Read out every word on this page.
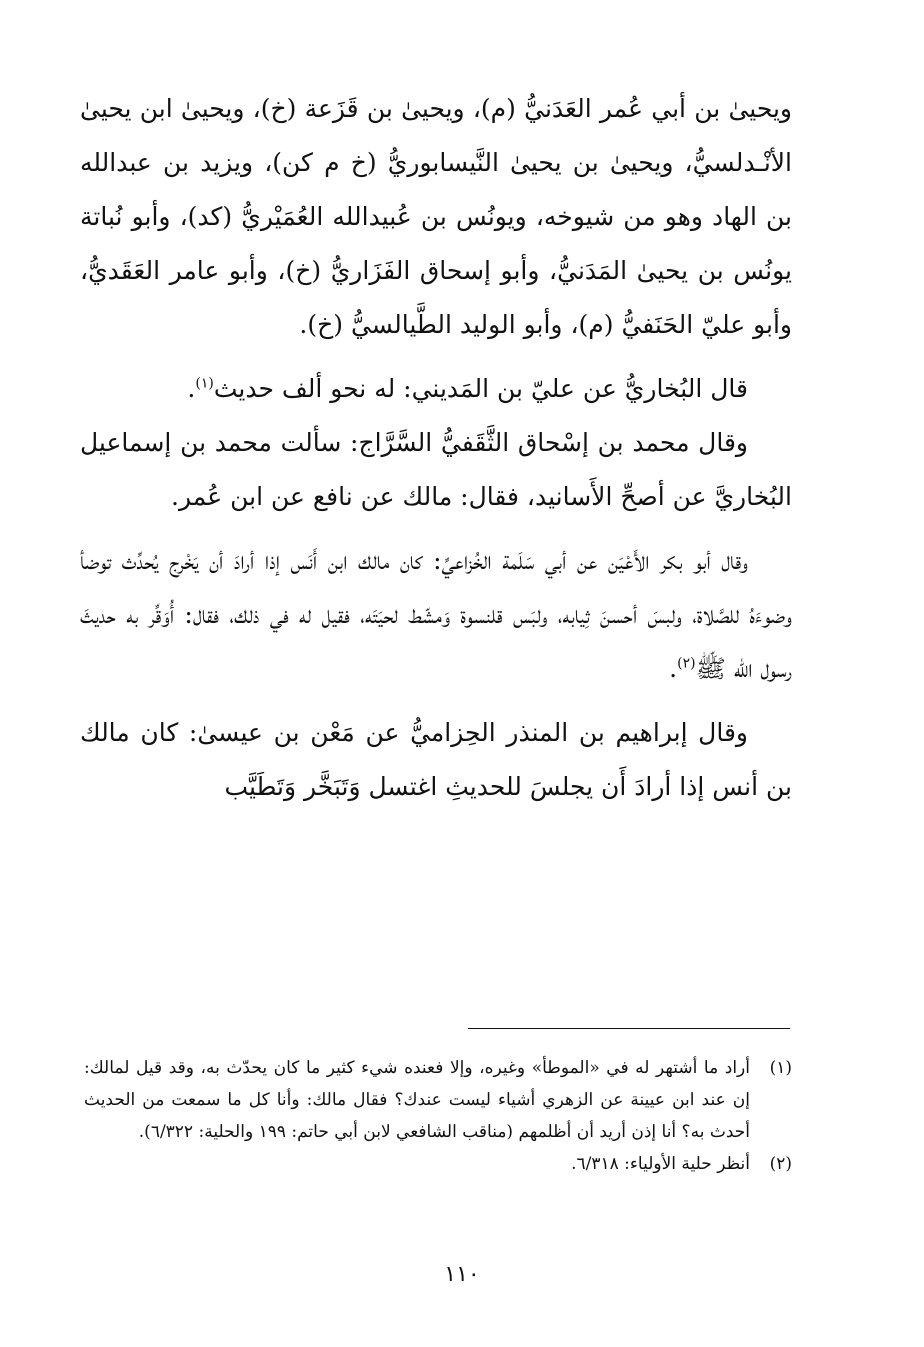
ويحيىٰ بن أبي عُمر العَدَنيُّ (م)، ويحيىٰ بن قَزَعة (خ)، ويحيىٰ ابن يحيىٰ الأنْـدلسيُّ، ويحيىٰ بن يحيىٰ النَّيسابوريُّ (خ م كن)، ويزيد بن عبدالله بن الهاد وهو من شيوخه، ويونُس بن عُبيدالله العُمَيْريُّ (كد)، وأبو نُباتة يونُس بن يحيىٰ المَدَنيُّ، وأبو إسحاق الفَزَاريُّ (خ)، وأبو عامر العَقَديُّ، وأبو عليّ الحَنَفيُّ (م)، وأبو الوليد الطَّيالسيُّ (خ).

قال البُخاريُّ عن عليّ بن المَديني: له نحو ألف حديث$^{(١)}$.

وقال محمد بن إسْحاق الثَّقَفيُّ السَّرَّاج: سألت محمد بن إسماعيل البُخاريَّ عن أصحِّ الأَسانيد، فقال: مالك عن نافع عن ابن عُمر.

وقال أبو بكر الأَعْيَن عن أبي سَلَمة الخُزاعيِّ: كان مالك ابن أَنَس إذا أرادَ أن يَخْرج يُحدِّث توضأ وضوءَهُ للصَّلاة، ولبسَ أحسنَ ثِيابه، ولبَس قلنسوة وَمشّط لحيَتَه، فقيل له في ذلك، فقال: أُوَقِّر به حديثَ رسول الله ﷺ$^{(٢)}$.

وقال إبراهيم بن المنذر الحِزاميُّ عن مَعْن بن عيسىٰ: كان مالك بن أنس إذا أرادَ أَن يجلسَ للحديثِ اغتسل وَتَبَخَّر وَتَطَيَّب

(١)
أراد ما أشتهر له في «الموطأ» وغيره، وإلا فعنده شيء كثير ما كان يحدّث به، وقد قيل لمالك: إن عند ابن عيينة عن الزهري أشياء ليست عندك؟ فقال مالك: وأنا كل ما سمعت من الحديث أحدث به؟ أنا إذن أريد أن أظلمهم (مناقب الشافعي لابن أبي حاتم: ١٩٩ والحلية: ٦/٣٢٢).
(٢)
أنظر حلية الأولياء: ٦/٣١٨.
١١٠
